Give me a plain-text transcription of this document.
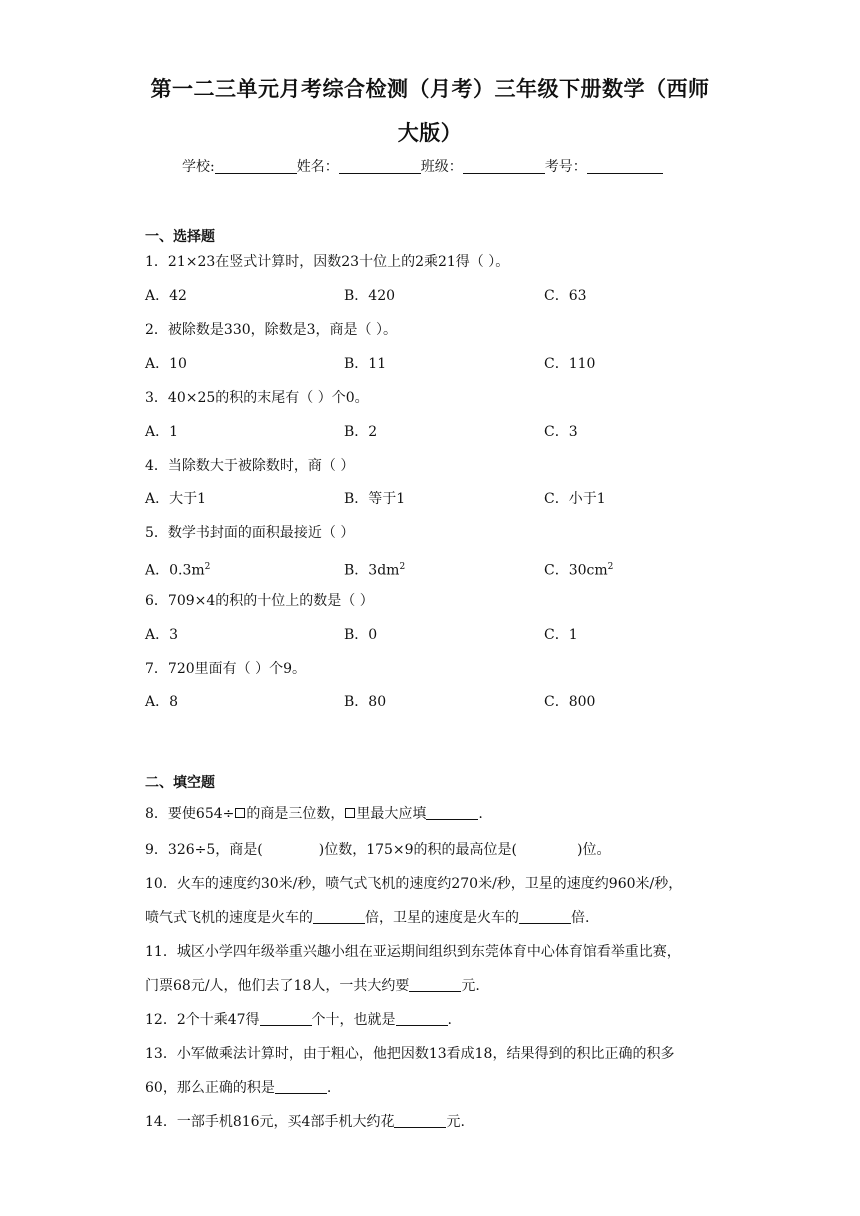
第一二三单元月考综合检测（月考）三年级下册数学（西师
大版）
学校:	姓名：	班级：	考号：
一、选择题
1．21×23在竖式计算时，因数23十位上的2乘21得（ ）。
A．42	B．420	C．63
2．被除数是330，除数是3，商是（ ）。
A．10	B．11	C．110
3．40×25的积的末尾有（ ）个0。
A．1	B．2	C．3
4．当除数大于被除数时，商（ ）
A．大于1	B．等于1	C．小于1
5．数学书封面的面积最接近（ ）
A．$0.3m^2$	B．$3dm^2$	C．$30cm^2$
6．709×4的积的十位上的数是（ ）
A．3	B．0	C．1
7．720里面有（ ）个9。
A．8	B．80	C．800
二、填空题
8．要使654÷ 的商是三位数， 里最大应填	.
9．326÷5，商是(	)位数，175×9的积的最高位是(	)位。
10．火车的速度约30米/秒，喷气式飞机的速度约270米/秒，卫星的速度约960米/秒，
喷气式飞机的速度是火车的	倍，卫星的速度是火车的	倍.
11．城区小学四年级举重兴趣小组在亚运期间组织到东莞体育中心体育馆看举重比赛，
门票68元/人，他们去了18人，一共大约要	元.
12．2个十乘47得	个十，也就是	.
13．小军做乘法计算时，由于粗心，他把因数13看成18，结果得到的积比正确的积多
60，那么正确的积是	.
14．一部手机816元，买4部手机大约花	元.
